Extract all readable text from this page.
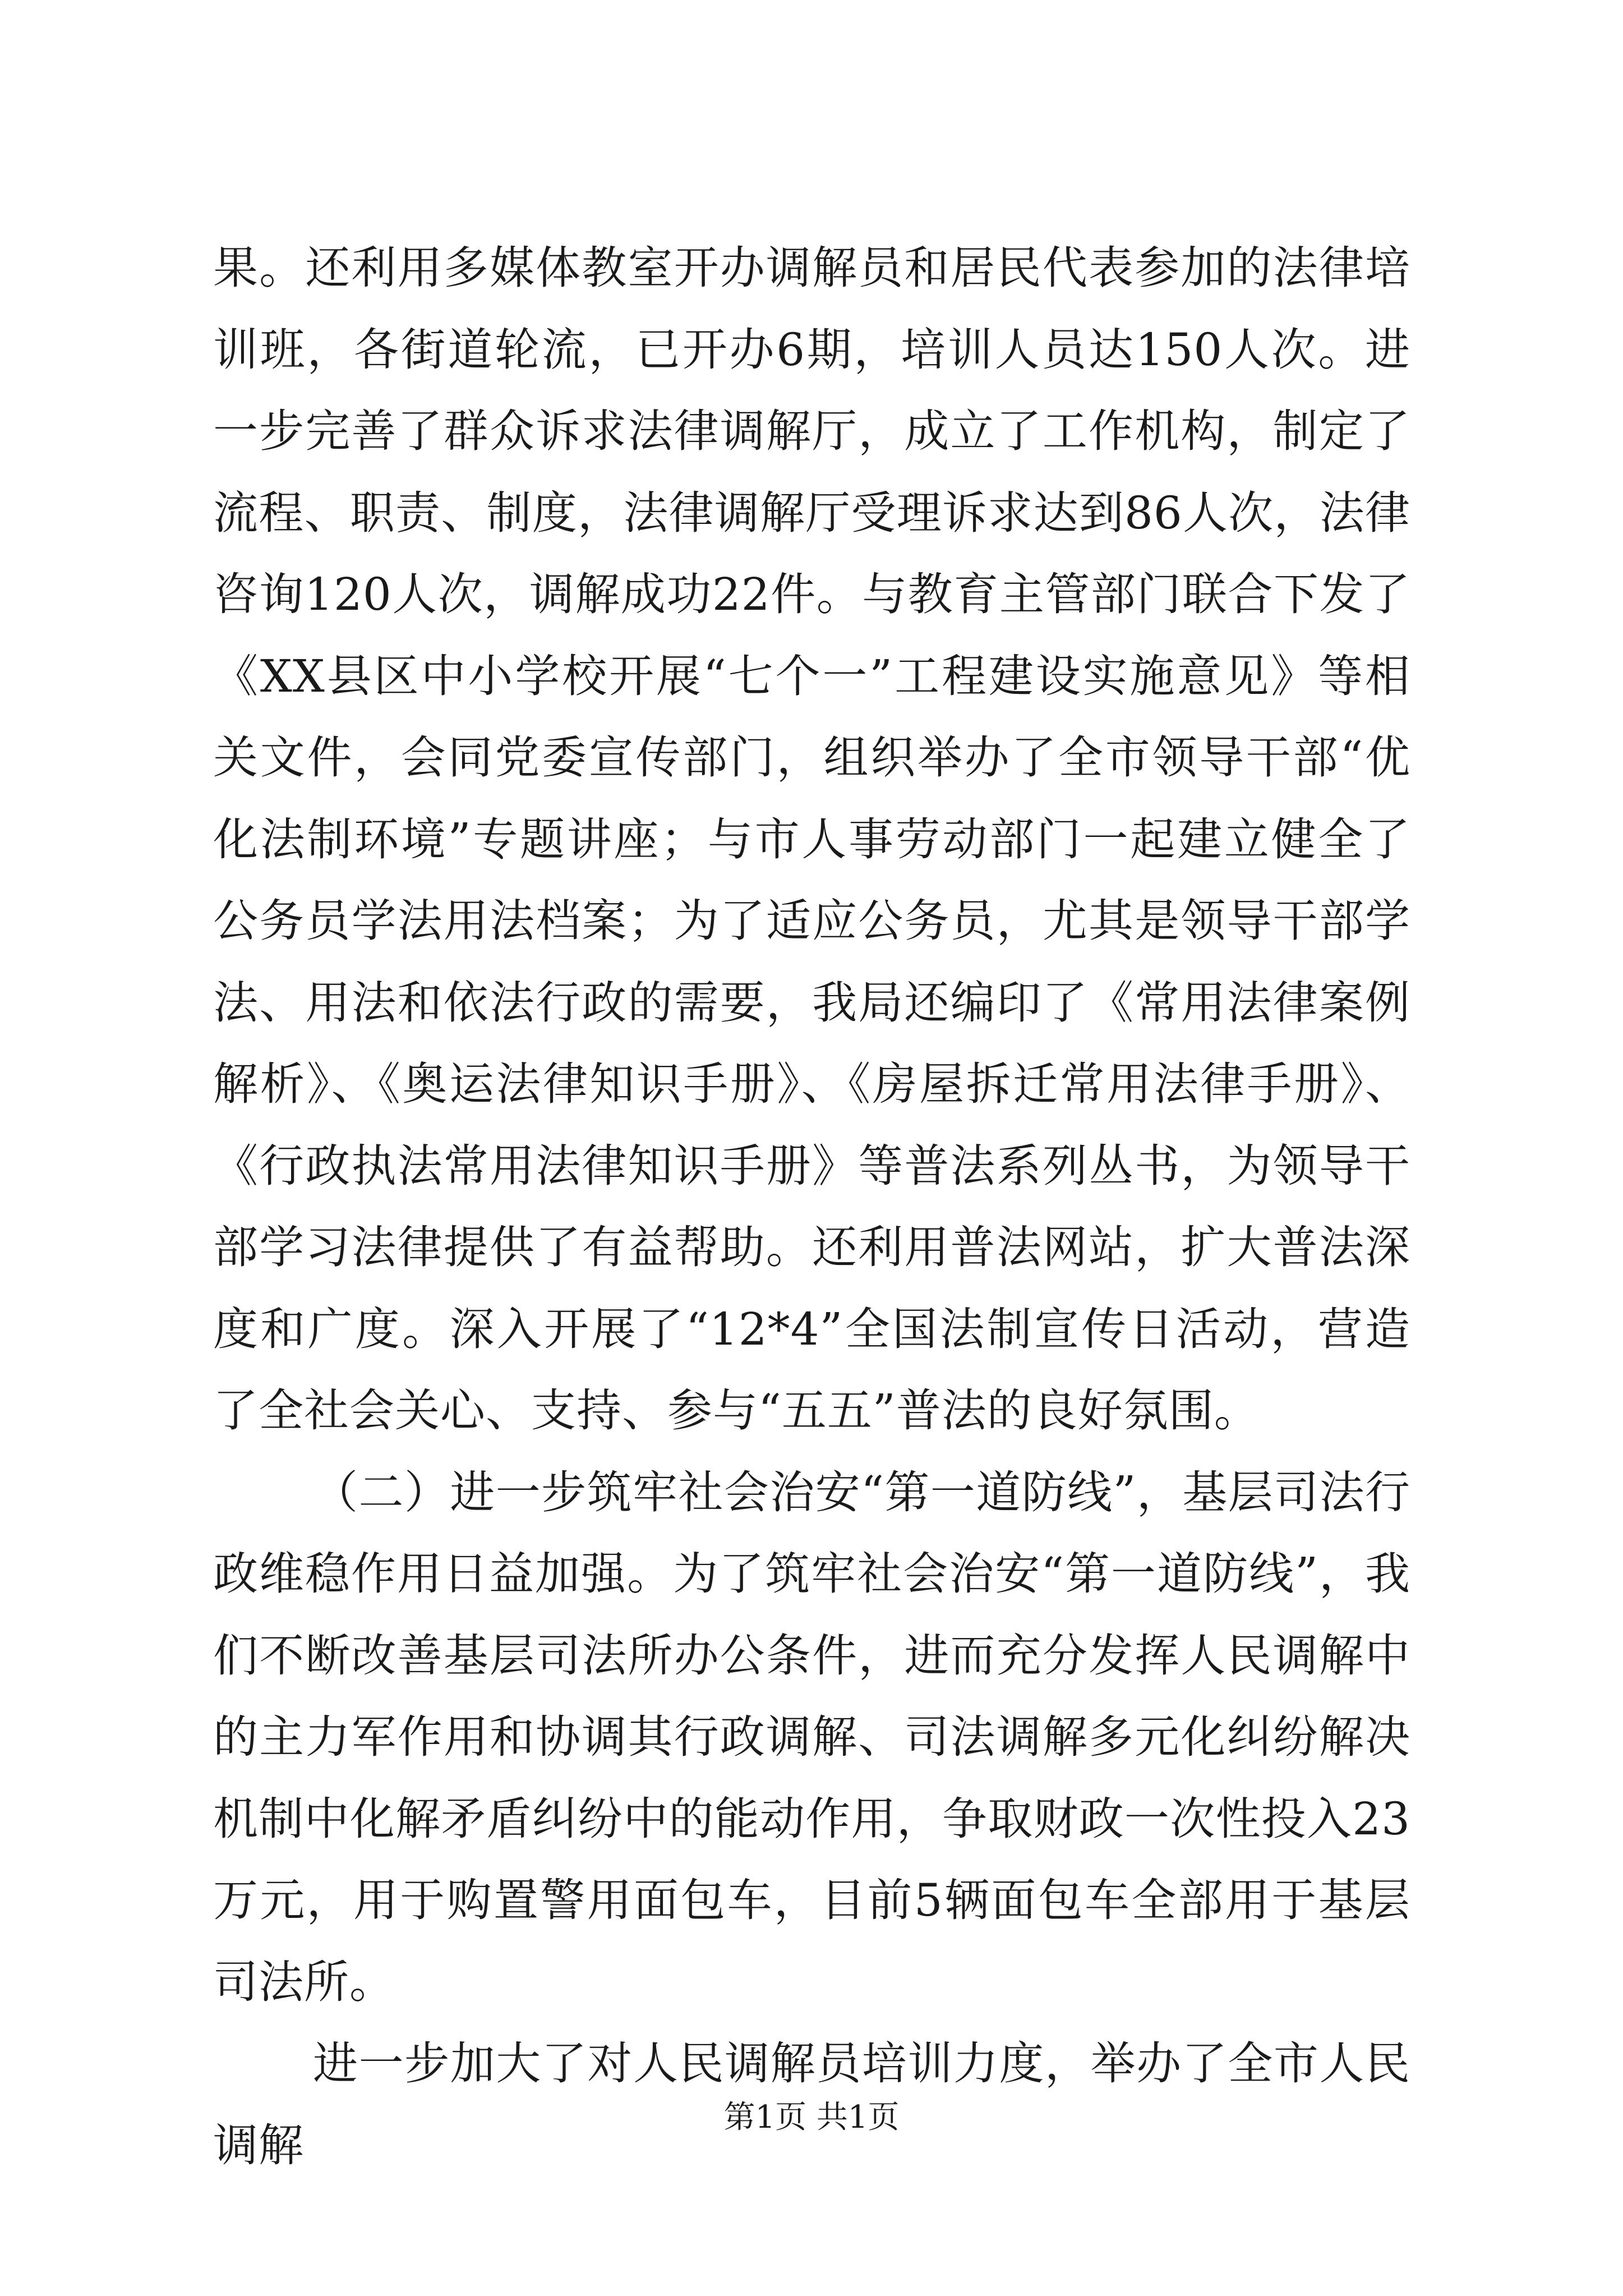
果。还利用多媒体教室开办调解员和居民代表参加的法律培训班，各街道轮流，已开办6期，培训人员达150人次。进一步完善了群众诉求法律调解厅，成立了工作机构，制定了流程、职责、制度，法律调解厅受理诉求达到86人次，法律咨询120人次，调解成功22件。与教育主管部门联合下发了《XX县区中小学校开展“七个一”工程建设实施意见》等相关文件，会同党委宣传部门，组织举办了全市领导干部“优化法制环境”专题讲座；与市人事劳动部门一起建立健全了公务员学法用法档案；为了适应公务员，尤其是领导干部学法、用法和依法行政的需要，我局还编印了《常用法律案例解析》、《奥运法律知识手册》、《房屋拆迁常用法律手册》、《行政执法常用法律知识手册》等普法系列丛书，为领导干部学习法律提供了有益帮助。还利用普法网站，扩大普法深度和广度。深入开展了“12*4”全国法制宣传日活动，营造了全社会关心、支持、参与“五五”普法的良好氛围。

（二）进一步筑牢社会治安“第一道防线”，基层司法行政维稳作用日益加强。为了筑牢社会治安“第一道防线”，我们不断改善基层司法所办公条件，进而充分发挥人民调解中的主力军作用和协调其行政调解、司法调解多元化纠纷解决机制中化解矛盾纠纷中的能动作用，争取财政一次性投入23万元，用于购置警用面包车，目前5辆面包车全部用于基层司法所。

进一步加大了对人民调解员培训力度，举办了全市人民调解

第1页 共1页
